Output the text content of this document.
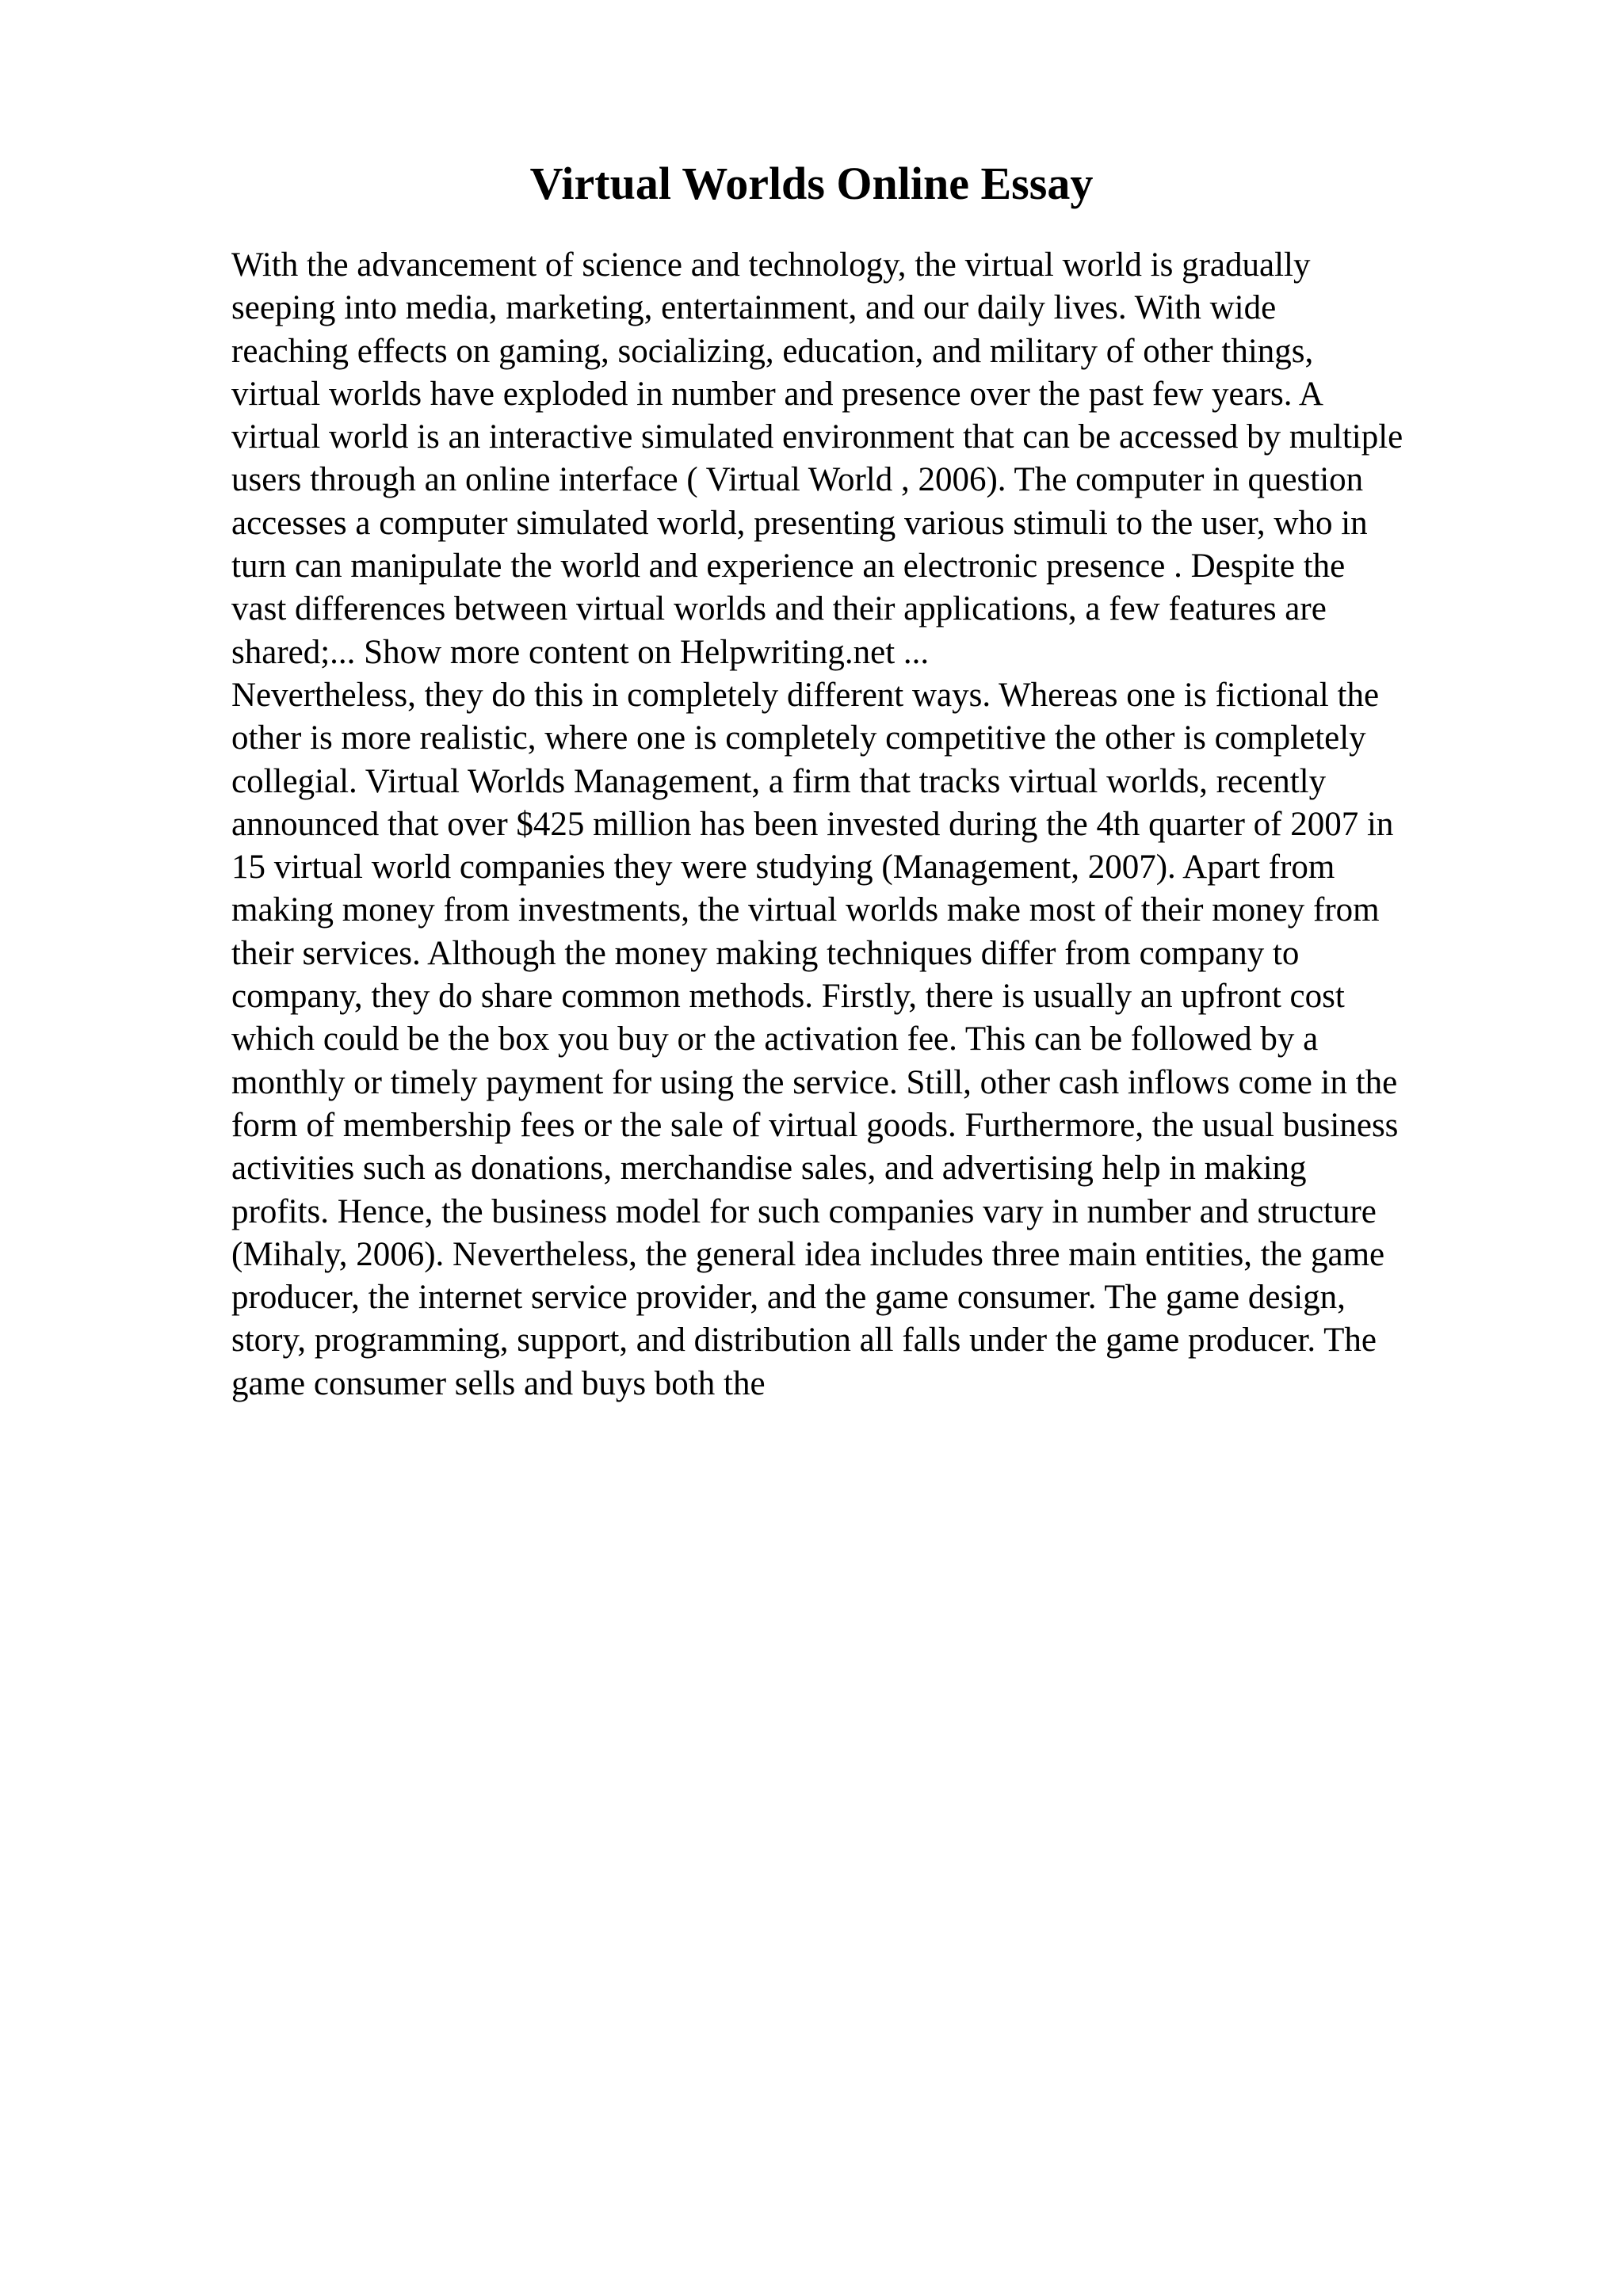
Virtual Worlds Online Essay
With the advancement of science and technology, the virtual world is gradually
seeping into media, marketing, entertainment, and our daily lives. With wide
reaching effects on gaming, socializing, education, and military of other things,
virtual worlds have exploded in number and presence over the past few years. A
virtual world is an interactive simulated environment that can be accessed by multiple
users through an online interface ( Virtual World , 2006). The computer in question
accesses a computer simulated world, presenting various stimuli to the user, who in
turn can manipulate the world and experience an electronic presence . Despite the
vast differences between virtual worlds and their applications, a few features are
shared;... Show more content on Helpwriting.net ...
Nevertheless, they do this in completely different ways. Whereas one is fictional the
other is more realistic, where one is completely competitive the other is completely
collegial. Virtual Worlds Management, a firm that tracks virtual worlds, recently
announced that over $425 million has been invested during the 4th quarter of 2007 in
15 virtual world companies they were studying (Management, 2007). Apart from
making money from investments, the virtual worlds make most of their money from
their services. Although the money making techniques differ from company to
company, they do share common methods. Firstly, there is usually an upfront cost
which could be the box you buy or the activation fee. This can be followed by a
monthly or timely payment for using the service. Still, other cash inflows come in the
form of membership fees or the sale of virtual goods. Furthermore, the usual business
activities such as donations, merchandise sales, and advertising help in making
profits. Hence, the business model for such companies vary in number and structure
(Mihaly, 2006). Nevertheless, the general idea includes three main entities, the game
producer, the internet service provider, and the game consumer. The game design,
story, programming, support, and distribution all falls under the game producer. The
game consumer sells and buys both the
